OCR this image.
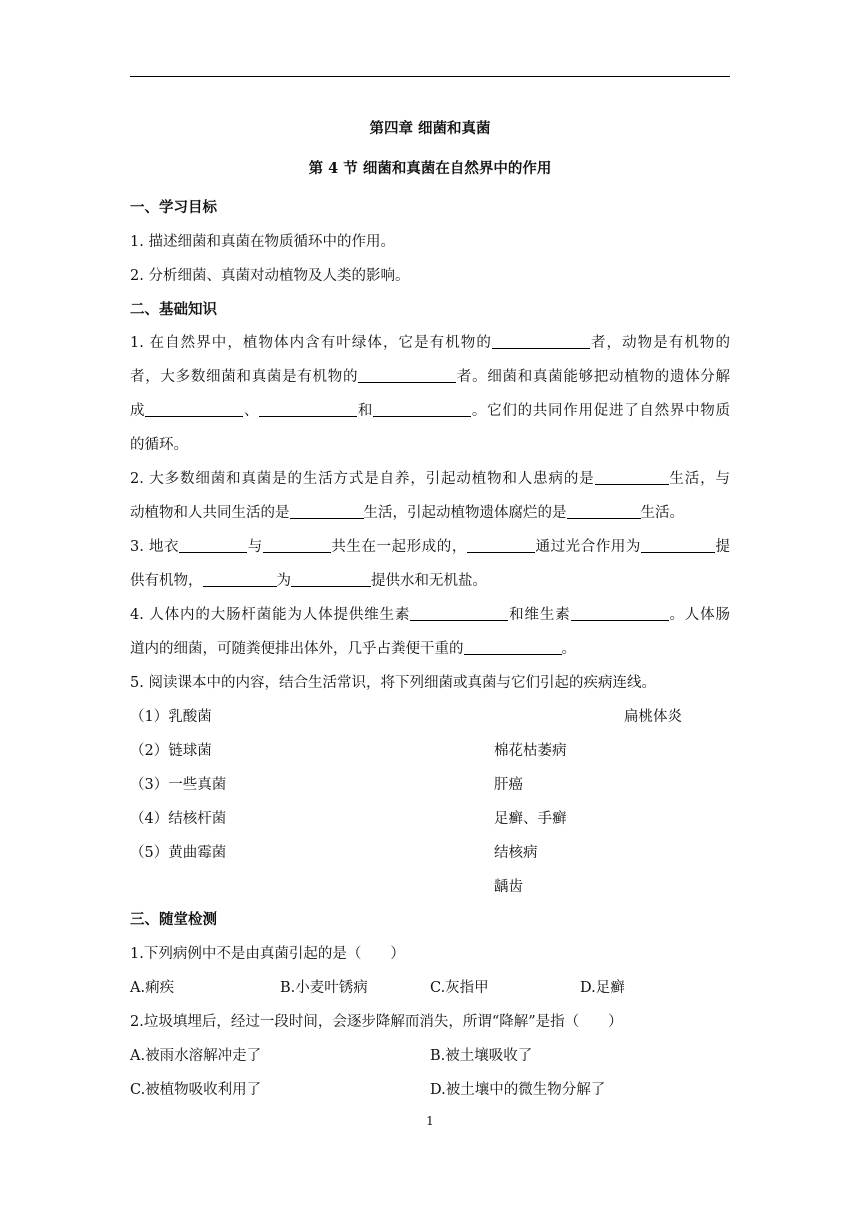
第四章 细菌和真菌
第 4 节 细菌和真菌在自然界中的作用
一、学习目标
1. 描述细菌和真菌在物质循环中的作用。
2. 分析细菌、真菌对动植物及人类的影响。
二、基础知识
1. 在自然界中，植物体内含有叶绿体，它是有机物的	者，动物是有机物的
者，大多数细菌和真菌是有机物的	者。细菌和真菌能够把动植物的遗体分解
成	、	和	。它们的共同作用促进了自然界中物质
的循环。
2. 大多数细菌和真菌是的生活方式是自养，引起动植物和人患病的是	生活，与
动植物和人共同生活的是	生活，引起动植物遗体腐烂的是	生活。
3. 地衣	与	共生在一起形成的，	通过光合作用为	提
供有机物，	为	提供水和无机盐。
4. 人体内的大肠杆菌能为人体提供维生素	和维生素	。人体肠
道内的细菌，可随粪便排出体外，几乎占粪便干重的	。
5. 阅读课本中的内容，结合生活常识，将下列细菌或真菌与它们引起的疾病连线。
（1）乳酸菌	扁桃体炎
（2）链球菌	棉花枯萎病
（3）一些真菌	肝癌
（4）结核杆菌	足癣、手癣
（5）黄曲霉菌	结核病
龋齿
三、随堂检测
1.下列病例中不是由真菌引起的是（　　）
A.痢疾	B.小麦叶锈病	C.灰指甲	D.足癣
2.垃圾填埋后，经过一段时间，会逐步降解而消失，所谓“降解”是指（　　）
A.被雨水溶解冲走了	B.被土壤吸收了
C.被植物吸收利用了	D.被土壤中的微生物分解了
1
